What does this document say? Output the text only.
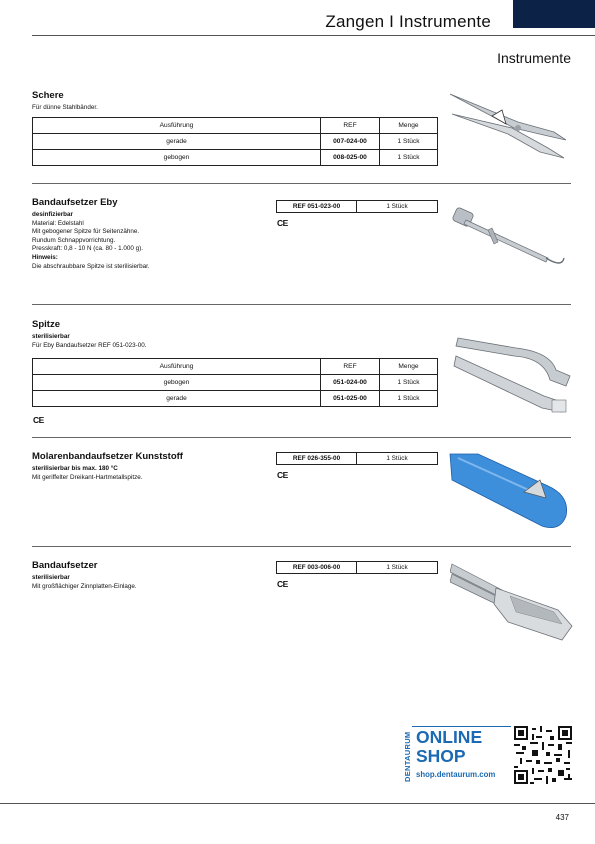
Zangen I Instrumente
Instrumente
Schere
Für dünne Stahlbänder.
Ausführung	REF	Menge
gerade	007-024-00	1 Stück
gebogen	008-025-00	1 Stück
Bandaufsetzer Eby
desinfizierbar
Material: Edelstahl
Mit gebogener Spitze für Seitenzähne.
Rundum Schnappvorrichtung.
Presskraft: 0,8 - 10 N (ca. 80 - 1.000 g).
Hinweis:
Die abschraubbare Spitze ist sterilisierbar.
REF 051-023-00	1 Stück
CE
Spitze
sterilisierbar
Für Eby Bandaufsetzer REF 051-023-00.
Ausführung	REF	Menge
gebogen	051-024-00	1 Stück
gerade	051-025-00	1 Stück
CE
Molarenbandaufsetzer Kunststoff
sterilisierbar bis max. 180 °C
Mit geriffelter Dreikant-Hartmetallspitze.
REF 026-355-00	1 Stück
CE
Bandaufsetzer
sterilisierbar
Mit großflächiger Zinnplatten-Einlage.
REF 003-006-00	1 Stück
CE
DENTAURUM ONLINE
SHOP
shop.dentaurum.com
437
